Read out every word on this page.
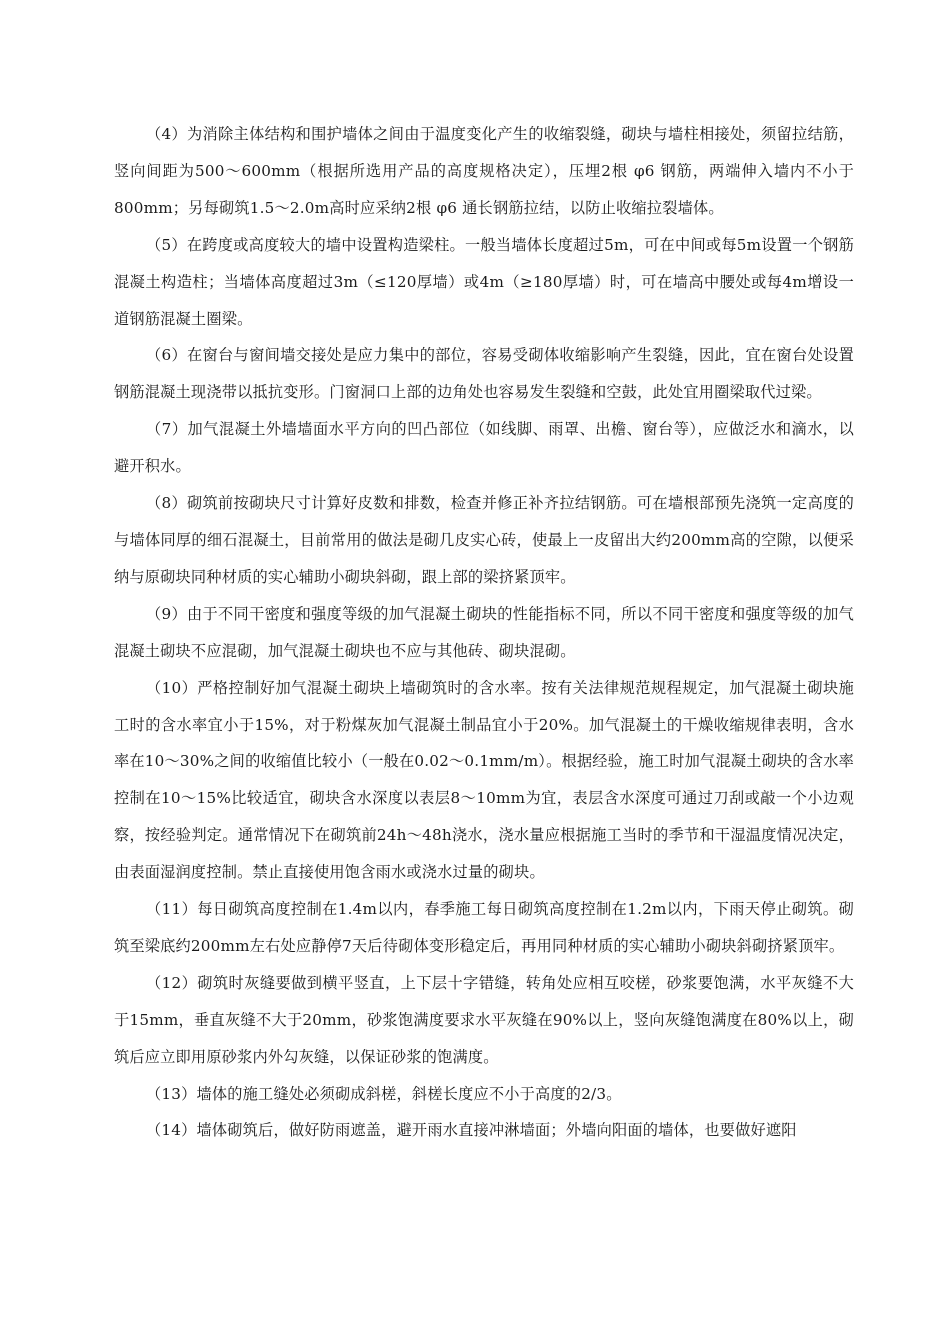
（4）为消除主体结构和围护墙体之间由于温度变化产生的收缩裂缝，砌块与墙柱相接处，须留拉结筋，竖向间距为500～600mm（根据所选用产品的高度规格决定），压埋2根 φ6 钢筋，两端伸入墙内不小于800mm；另每砌筑1.5～2.0m高时应采纳2根 φ6 通长钢筋拉结，以防止收缩拉裂墙体。

（5）在跨度或高度较大的墙中设置构造梁柱。一般当墙体长度超过5m，可在中间或每5m设置一个钢筋混凝土构造柱；当墙体高度超过3m（≤120厚墙）或4m（≥180厚墙）时，可在墙高中腰处或每4m增设一道钢筋混凝土圈梁。

（6）在窗台与窗间墙交接处是应力集中的部位，容易受砌体收缩影响产生裂缝，因此，宜在窗台处设置钢筋混凝土现浇带以抵抗变形。门窗洞口上部的边角处也容易发生裂缝和空鼓，此处宜用圈梁取代过梁。

（7）加气混凝土外墙墙面水平方向的凹凸部位（如线脚、雨罩、出檐、窗台等），应做泛水和滴水，以避开积水。

（8）砌筑前按砌块尺寸计算好皮数和排数，检查并修正补齐拉结钢筋。可在墙根部预先浇筑一定高度的与墙体同厚的细石混凝土，目前常用的做法是砌几皮实心砖，使最上一皮留出大约200mm高的空隙，以便采纳与原砌块同种材质的实心辅助小砌块斜砌，跟上部的梁挤紧顶牢。

（9）由于不同干密度和强度等级的加气混凝土砌块的性能指标不同，所以不同干密度和强度等级的加气混凝土砌块不应混砌，加气混凝土砌块也不应与其他砖、砌块混砌。

（10）严格控制好加气混凝土砌块上墙砌筑时的含水率。按有关法律规范规程规定，加气混凝土砌块施工时的含水率宜小于15%，对于粉煤灰加气混凝土制品宜小于20%。加气混凝土的干燥收缩规律表明，含水率在10～30%之间的收缩值比较小（一般在0.02～0.1mm/m）。根据经验，施工时加气混凝土砌块的含水率控制在10～15%比较适宜，砌块含水深度以表层8～10mm为宜，表层含水深度可通过刀刮或敲一个小边观察，按经验判定。通常情况下在砌筑前24h～48h浇水，浇水量应根据施工当时的季节和干湿温度情况决定，由表面湿润度控制。禁止直接使用饱含雨水或浇水过量的砌块。

（11）每日砌筑高度控制在1.4m以内，春季施工每日砌筑高度控制在1.2m以内，下雨天停止砌筑。砌筑至梁底约200mm左右处应静停7天后待砌体变形稳定后，再用同种材质的实心辅助小砌块斜砌挤紧顶牢。

（12）砌筑时灰缝要做到横平竖直，上下层十字错缝，转角处应相互咬槎，砂浆要饱满，水平灰缝不大于15mm，垂直灰缝不大于20mm，砂浆饱满度要求水平灰缝在90%以上，竖向灰缝饱满度在80%以上，砌筑后应立即用原砂浆内外勾灰缝，以保证砂浆的饱满度。

（13）墙体的施工缝处必须砌成斜槎，斜槎长度应不小于高度的2/3。

（14）墙体砌筑后，做好防雨遮盖，避开雨水直接冲淋墙面；外墙向阳面的墙体，也要做好遮阳
